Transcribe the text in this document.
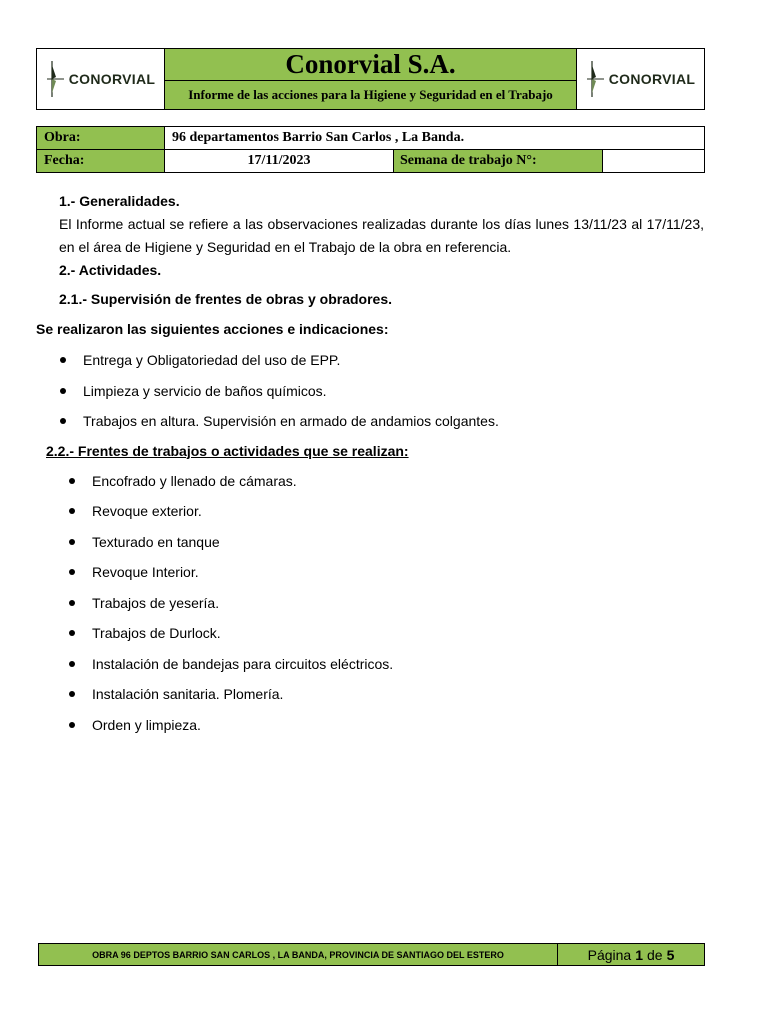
CONORVIAL	Conorvial S.A.
Informe de las acciones para la Higiene y Seguridad en el Trabajo
CONORVIAL
Obra:	96 departamentos Barrio San Carlos , La Banda.
Fecha:	17/11/2023	Semana de trabajo N°:
1.- Generalidades.
El Informe actual se refiere a las observaciones realizadas durante los días lunes 13/11/23 al 17/11/23, en el área de Higiene y Seguridad en el Trabajo de la obra en referencia.
2.- Actividades.
2.1.- Supervisión de frentes de obras y obradores.
Se realizaron las siguientes acciones e indicaciones:
Entrega y Obligatoriedad del uso de EPP.
Limpieza y servicio de baños químicos.
Trabajos en altura. Supervisión en armado de andamios colgantes.
2.2.- Frentes de trabajos o actividades que se realizan:
Encofrado y llenado de cámaras.
Revoque exterior.
Texturado en tanque
Revoque Interior.
Trabajos de yesería.
Trabajos de Durlock.
Instalación de bandejas para circuitos eléctricos.
Instalación sanitaria. Plomería.
Orden y limpieza.
OBRA 96 DEPTOS BARRIO SAN CARLOS , LA BANDA, PROVINCIA DE SANTIAGO DEL ESTERO	Página 1 de 5
